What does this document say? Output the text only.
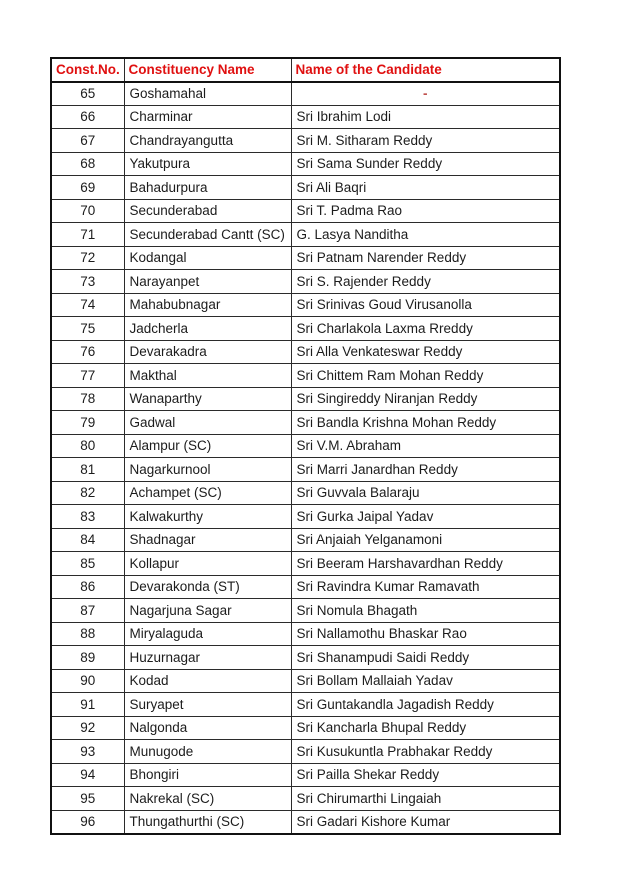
Const.No.	Constituency Name	Name of the Candidate
65	Goshamahal	-
66	Charminar	Sri Ibrahim Lodi
67	Chandrayangutta	Sri M. Sitharam Reddy
68	Yakutpura	Sri Sama Sunder Reddy
69	Bahadurpura	Sri Ali Baqri
70	Secunderabad	Sri T. Padma Rao
71	Secunderabad Cantt (SC)	G. Lasya Nanditha
72	Kodangal	Sri Patnam Narender Reddy
73	Narayanpet	Sri S. Rajender Reddy
74	Mahabubnagar	Sri Srinivas Goud Virusanolla
75	Jadcherla	Sri Charlakola Laxma Rreddy
76	Devarakadra	Sri Alla Venkateswar Reddy
77	Makthal	Sri Chittem Ram Mohan Reddy
78	Wanaparthy	Sri Singireddy Niranjan Reddy
79	Gadwal	Sri Bandla Krishna Mohan Reddy
80	Alampur (SC)	Sri V.M. Abraham
81	Nagarkurnool	Sri Marri Janardhan Reddy
82	Achampet (SC)	Sri Guvvala Balaraju
83	Kalwakurthy	Sri Gurka Jaipal Yadav
84	Shadnagar	Sri Anjaiah Yelganamoni
85	Kollapur	Sri Beeram Harshavardhan Reddy
86	Devarakonda (ST)	Sri Ravindra Kumar Ramavath
87	Nagarjuna Sagar	Sri Nomula Bhagath
88	Miryalaguda	Sri Nallamothu Bhaskar Rao
89	Huzurnagar	Sri Shanampudi Saidi Reddy
90	Kodad	Sri Bollam Mallaiah Yadav
91	Suryapet	Sri Guntakandla Jagadish Reddy
92	Nalgonda	Sri Kancharla Bhupal Reddy
93	Munugode	Sri Kusukuntla Prabhakar Reddy
94	Bhongiri	Sri Pailla Shekar Reddy
95	Nakrekal (SC)	Sri Chirumarthi Lingaiah
96	Thungathurthi (SC)	Sri Gadari Kishore Kumar
